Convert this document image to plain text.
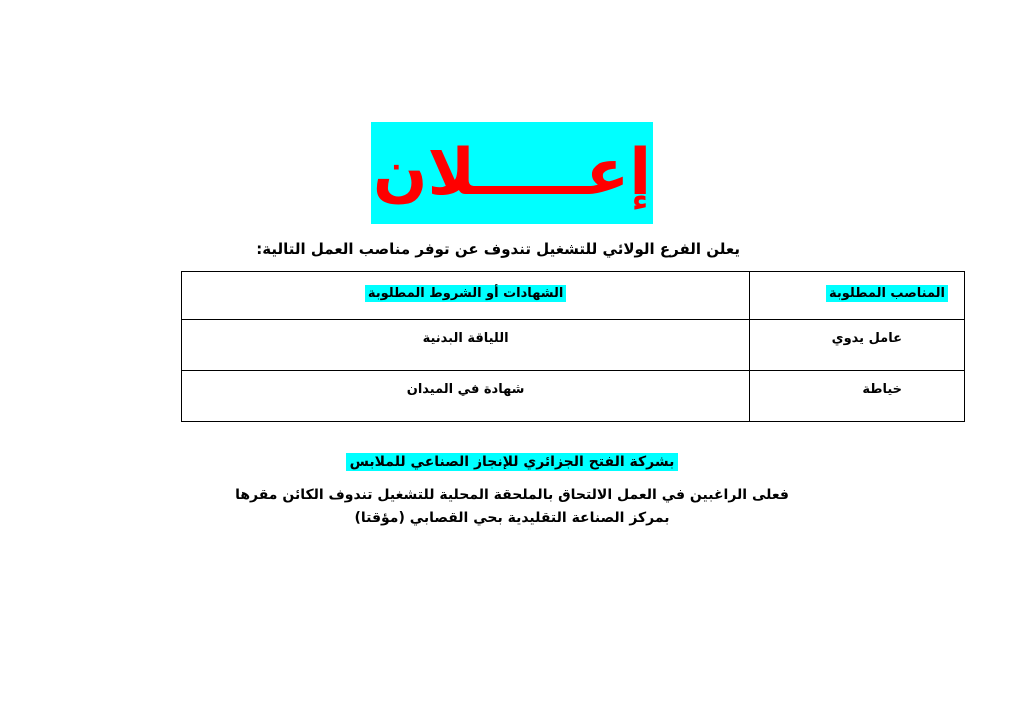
إعـــــلان
يعلن الفرع الولائي للتشغيل تندوف عن توفر مناصب العمل التالية:
المناصب المطلوبة	الشهادات أو الشروط المطلوبة
عامل يدوي	اللياقة البدنية
خياطة	شهادة في الميدان
بشركة الفتح الجزائري للإنجاز الصناعي للملابس
فعلى الراغبين في العمل الالتحاق بالملحقة المحلية للتشغيل تندوف الكائن مقرها
بمركز الصناعة التقليدية بحي القصابي (مؤقتا)
